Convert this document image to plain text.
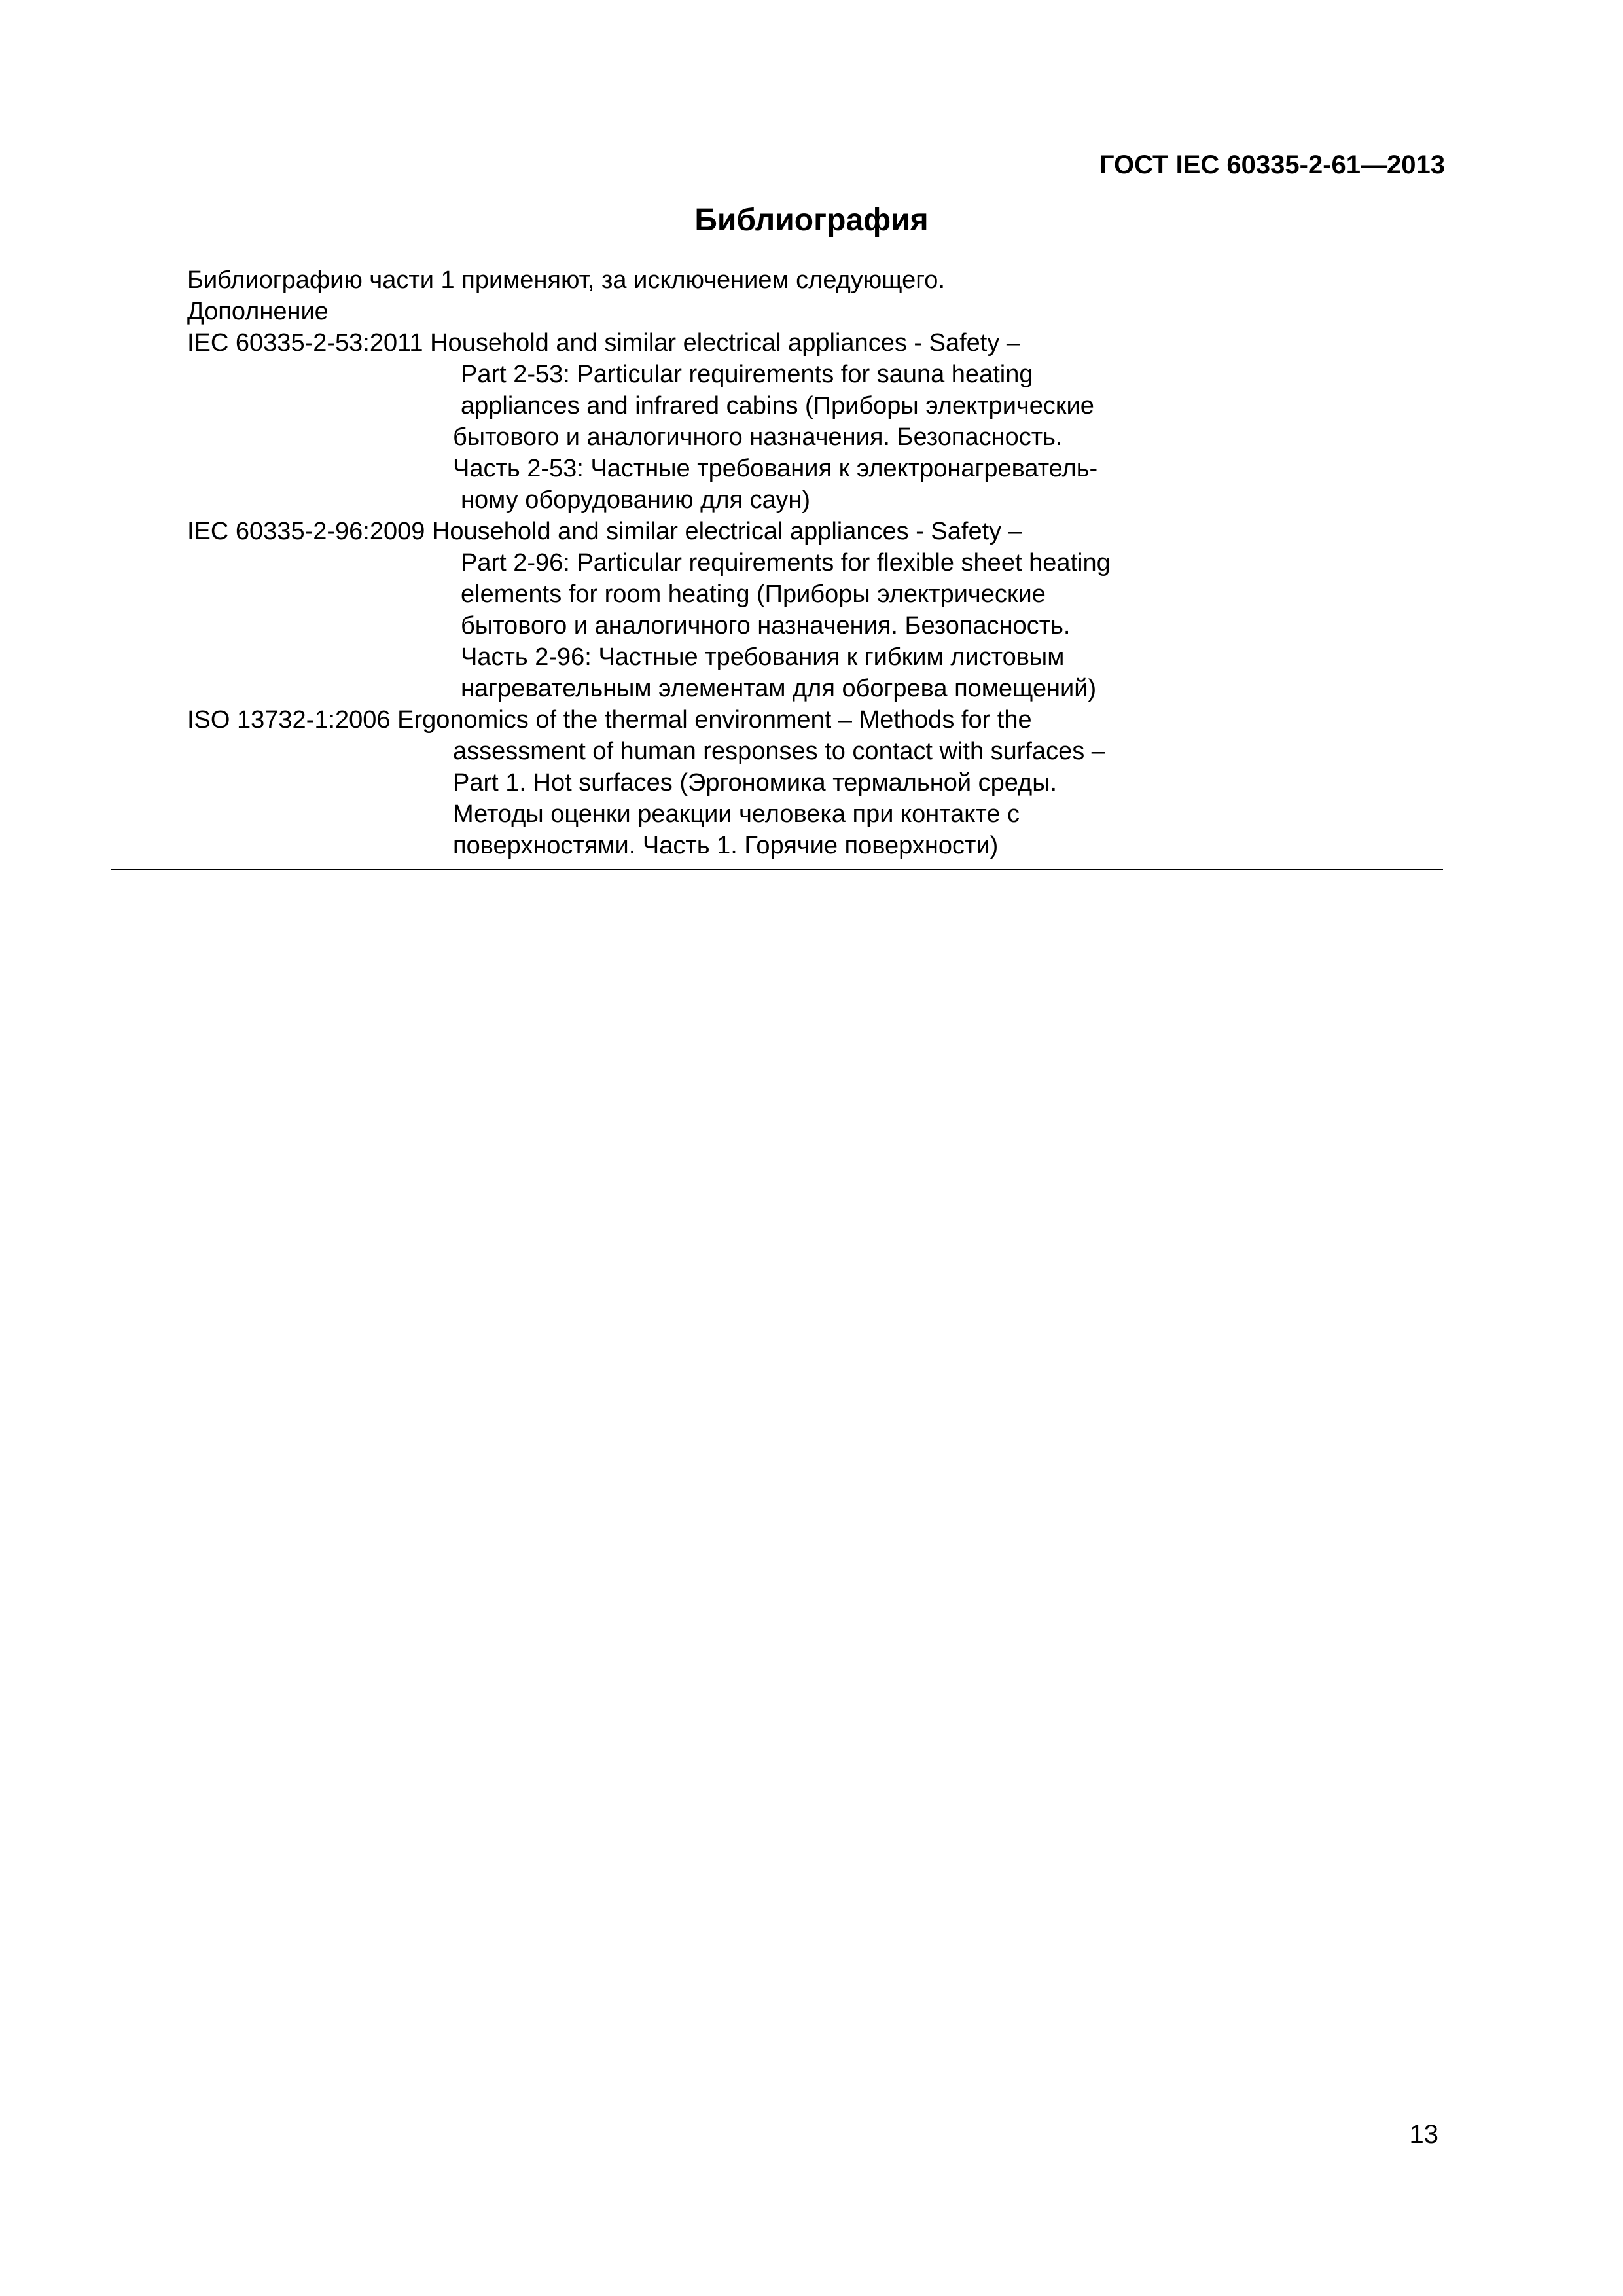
ГОСТ IEC 60335-2-61—2013
Библиография
Библиографию части 1 применяют, за исключением следующего.
Дополнение
IEC 60335-2-53:2011 Household and similar electrical appliances - Safety –
Part 2-53: Particular requirements for sauna heating
appliances and infrared cabins (Приборы электрические
бытового и аналогичного назначения. Безопасность.
Часть 2-53: Частные требования к электронагреватель-
ному оборудованию для саун)
IEC 60335-2-96:2009 Household and similar electrical appliances - Safety –
Part 2-96: Particular requirements for flexible sheet heating
elements for room heating (Приборы электрические
бытового и аналогичного назначения. Безопасность.
Часть 2-96: Частные требования к гибким листовым
нагревательным элементам для обогрева помещений)
ISO 13732-1:2006 Ergonomics of the thermal environment – Methods for the
assessment of human responses to contact with surfaces –
Part 1. Hot surfaces (Эргономика термальной среды.
Методы оценки реакции человека при контакте с
поверхностями. Часть 1. Горячие поверхности)
13
